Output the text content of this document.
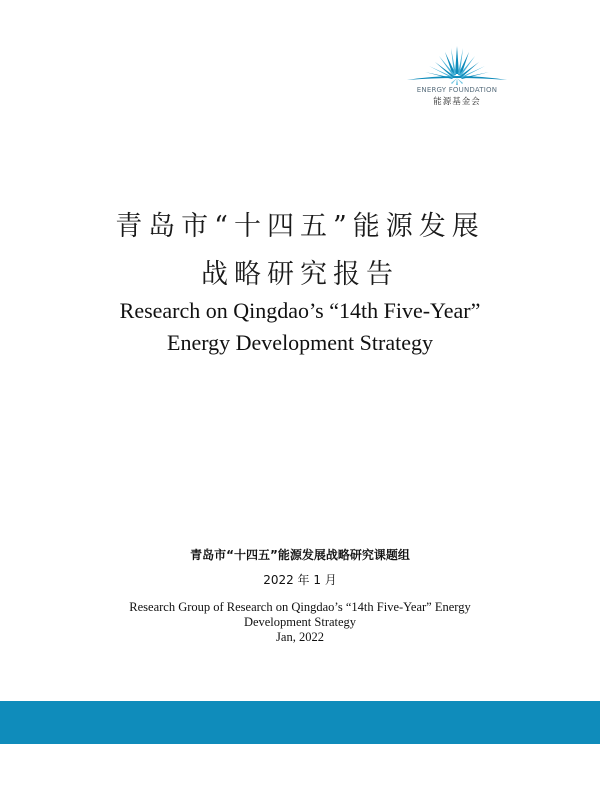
ENERGY FOUNDATION
能源基金会
青岛市“十四五”能源发展
战略研究报告
Research on Qingdao’s “14th Five-Year”
Energy Development Strategy
青岛市“十四五”能源发展战略研究课题组
2022 年 1 月
Research Group of Research on Qingdao’s “14th Five-Year” Energy
Development Strategy
Jan, 2022
